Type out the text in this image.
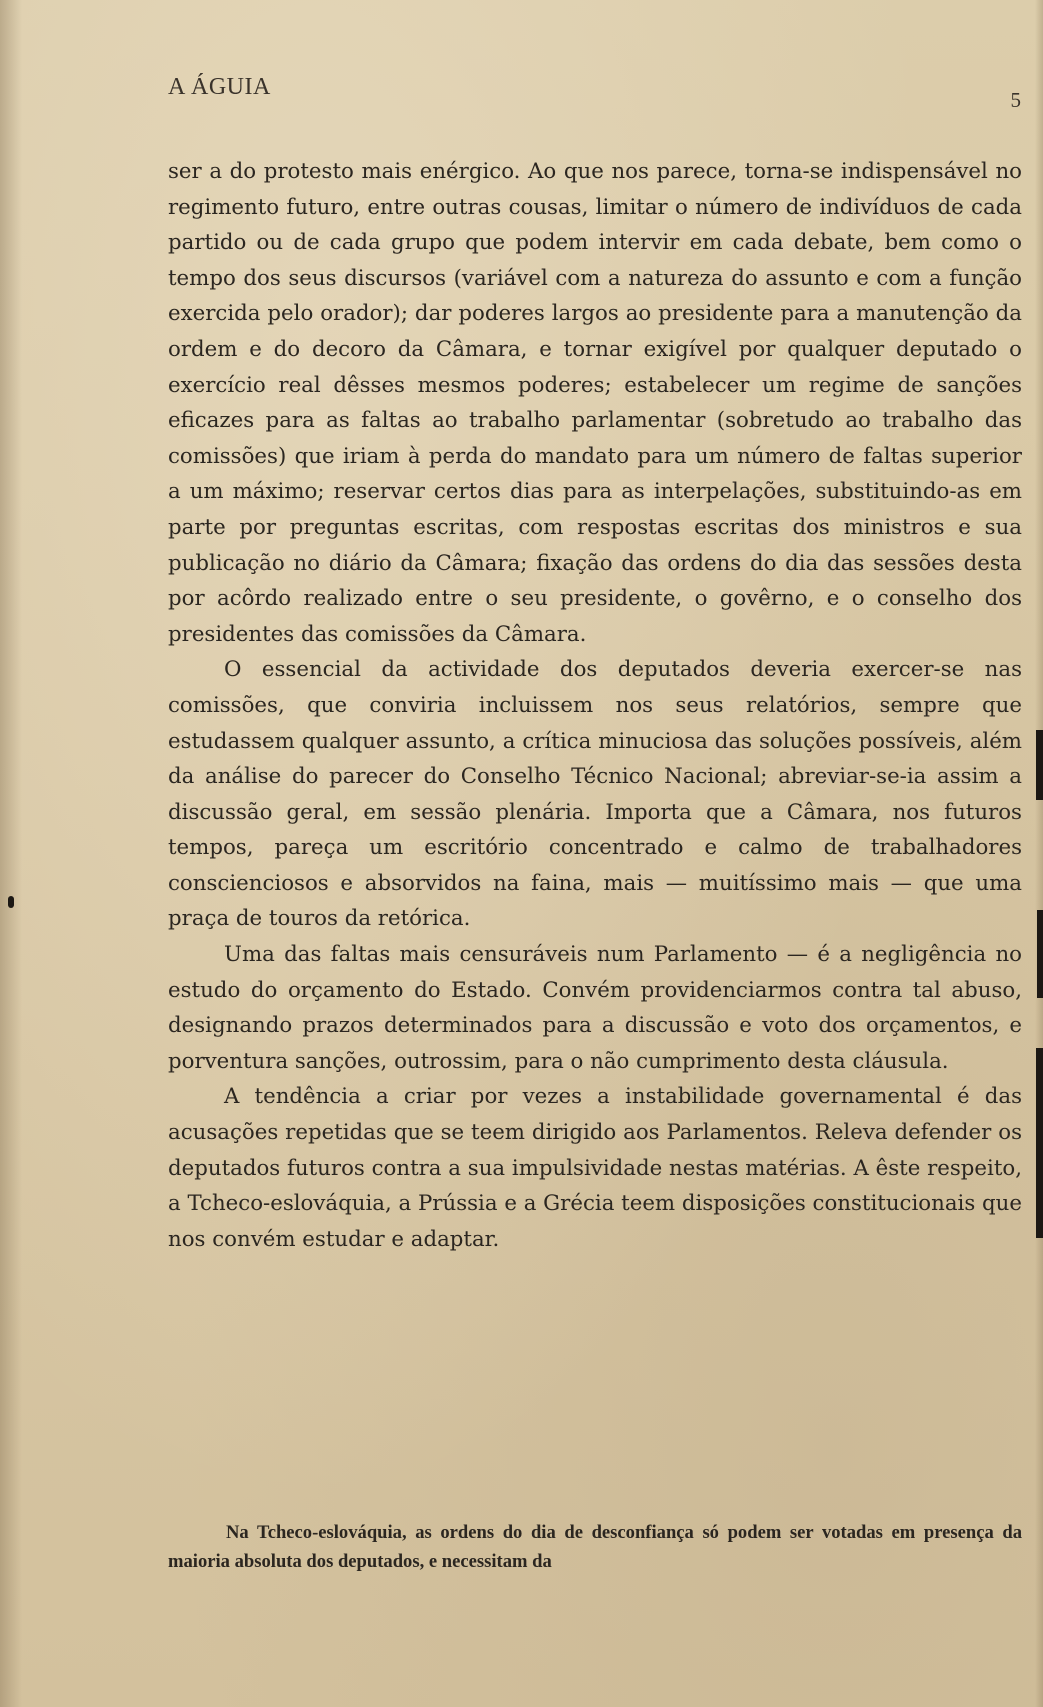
A ÁGUIA	5

ser a do protesto mais enérgico. Ao que nos parece, torna-se indispensável no regimento futuro, entre outras cousas, limitar o número de indivíduos de cada partido ou de cada grupo que podem intervir em cada debate, bem como o tempo dos seus discursos (variável com a natureza do assunto e com a função exercida pelo orador); dar poderes largos ao presidente para a manutenção da ordem e do decoro da Câmara, e tornar exigível por qualquer deputado o exercício real dêsses mesmos poderes; estabelecer um regime de sanções eficazes para as faltas ao trabalho parlamentar (sobretudo ao trabalho das comissões) que iriam à perda do mandato para um número de faltas superior a um máximo; reservar certos dias para as interpelações, substituindo-as em parte por preguntas escritas, com respostas escritas dos ministros e sua publicação no diário da Câmara; fixação das ordens do dia das sessões desta por acôrdo realizado entre o seu presidente, o govêrno, e o conselho dos presidentes das comissões da Câmara.

O essencial da actividade dos deputados deveria exercer-se nas comissões, que conviria incluissem nos seus relatórios, sempre que estudassem qualquer assunto, a crítica minuciosa das soluções possíveis, além da análise do parecer do Conselho Técnico Nacional; abreviar-se-ia assim a discussão geral, em sessão plenária. Importa que a Câmara, nos futuros tempos, pareça um escritório concentrado e calmo de trabalhadores conscienciosos e absorvidos na faina, mais — muitíssimo mais — que uma praça de touros da retórica.

Uma das faltas mais censuráveis num Parlamento — é a negligência no estudo do orçamento do Estado. Convém providenciarmos contra tal abuso, designando prazos determinados para a discussão e voto dos orçamentos, e porventura sanções, outrossim, para o não cumprimento desta cláusula.

A tendência a criar por vezes a instabilidade governamental é das acusações repetidas que se teem dirigido aos Parlamentos. Releva defender os deputados futuros contra a sua impulsividade nestas matérias. A êste respeito, a Tcheco-eslováquia, a Prússia e a Grécia teem disposições constitucionais que nos convém estudar e adaptar.

Na Tcheco-eslováquia, as ordens do dia de desconfiança só podem ser votadas em presença da maioria absoluta dos deputados, e necessitam da
